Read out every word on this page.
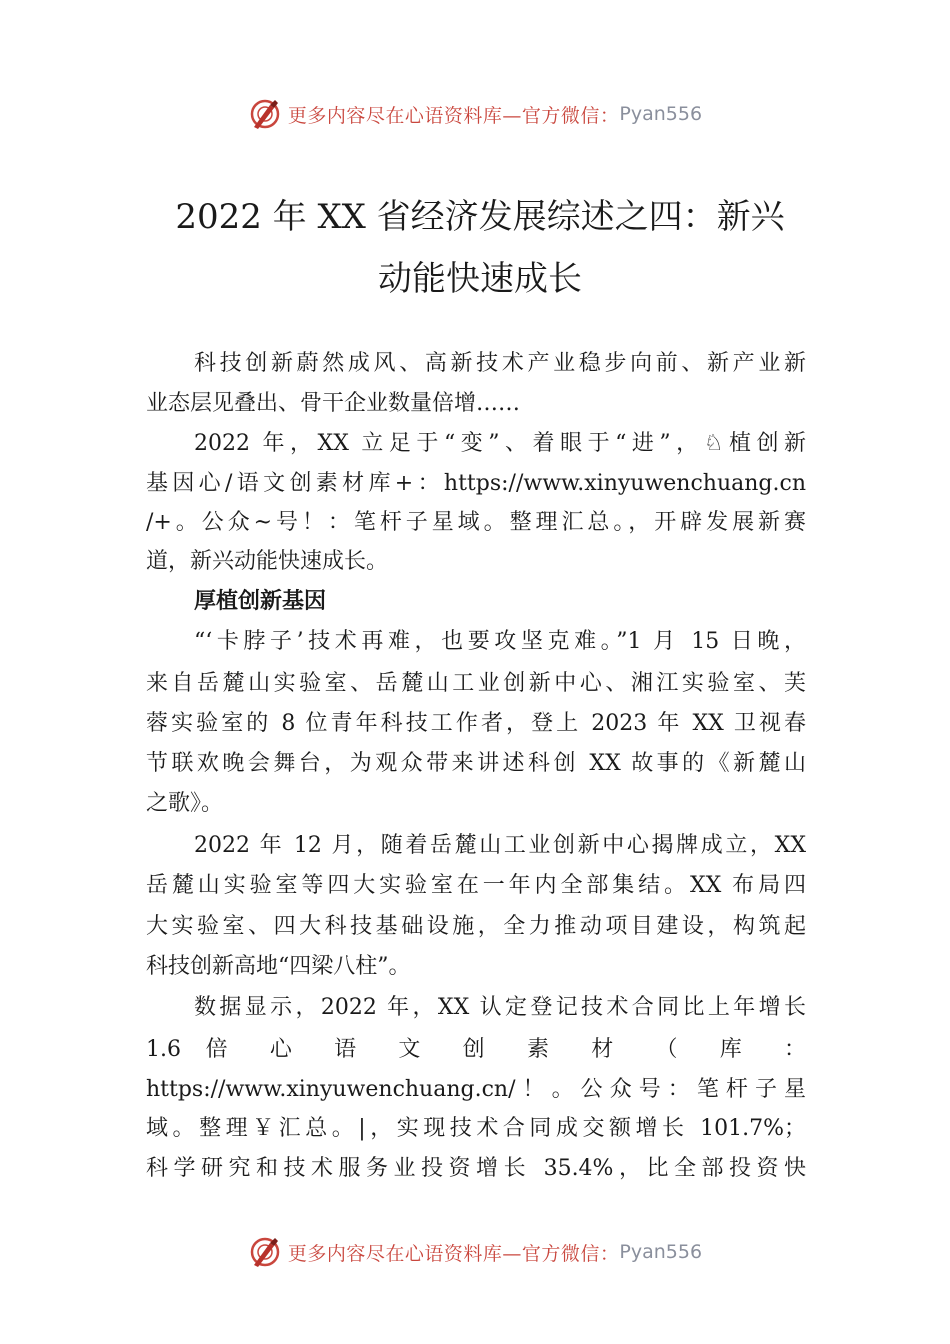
更多内容尽在心语资料库—官方微信： Pyan556
2022 年 XX 省经济发展综述之四：新兴
动能快速成长
科技创新蔚然成风、高新技术产业稳步向前、新产业新
业态层见叠出、骨干企业数量倍增……
2022 年，XX 立足于“变”、着眼于“进”，♘植创新
基因心/语文创素材库+：https://www.xinyuwenchuang.cn
/+。公众~号！：笔杆子星域。整理汇总。，开辟发展新赛
道，新兴动能快速成长。
厚植创新基因
“‘卡脖子’技术再难，也要攻坚克难。”1 月 15 日晚，
来自岳麓山实验室、岳麓山工业创新中心、湘江实验室、芙
蓉实验室的 8 位青年科技工作者，登上 2023 年 XX 卫视春
节联欢晚会舞台，为观众带来讲述科创 XX 故事的《新麓山
之歌》。
2022 年 12 月，随着岳麓山工业创新中心揭牌成立，XX
岳麓山实验室等四大实验室在一年内全部集结。XX 布局四
大实验室、四大科技基础设施，全力推动项目建设，构筑起
科技创新高地“四梁八柱”。
数据显示，2022 年，XX 认定登记技术合同比上年增长
1.6 倍 心 语 文 创 素 材 （ 库 ：
https://www.xinyuwenchuang.cn/！。公众号：笔杆子星
域。整理￥汇总。|，实现技术合同成交额增长 101.7%；
科学研究和技术服务业投资增长 35.4%，比全部投资快
更多内容尽在心语资料库—官方微信： Pyan556
